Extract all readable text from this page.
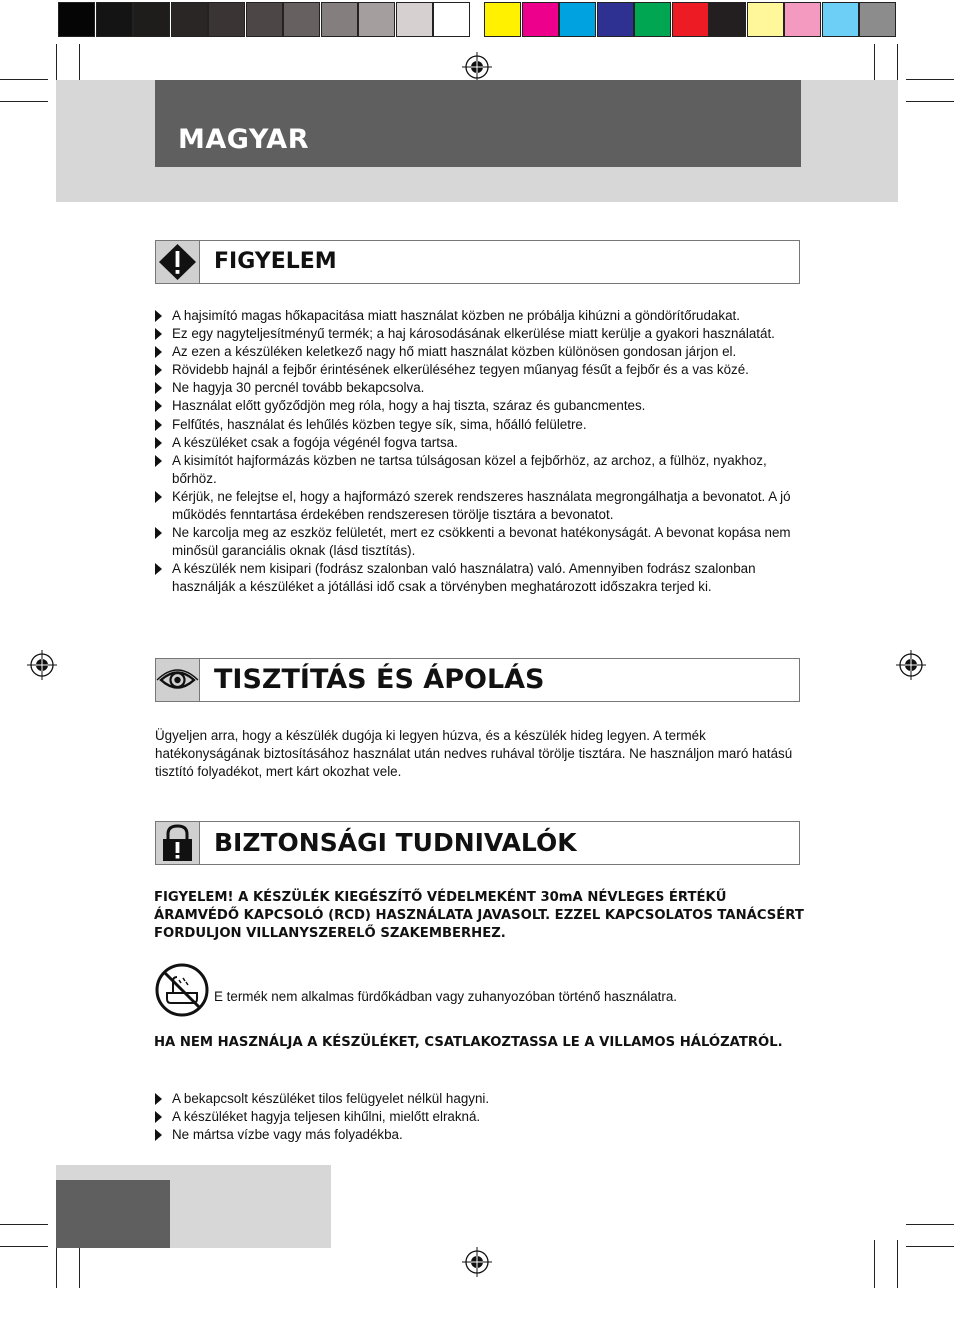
MAGYAR
FIGYELEM
A hajsimító magas hőkapacitása miatt használat közben ne próbálja kihúzni a göndörítőrudakat.
Ez egy nagyteljesítményű termék; a haj károsodásának elkerülése miatt kerülje a gyakori használatát.
Az ezen a készüléken keletkező nagy hő miatt használat közben különösen gondosan járjon el.
Rövidebb hajnál a fejbőr érintésének elkerüléséhez tegyen műanyag fésűt a fejbőr és a vas közé.
Ne hagyja 30 percnél tovább bekapcsolva.
Használat előtt győződjön meg róla, hogy a haj tiszta, száraz és gubancmentes.
Felfűtés, használat és lehűlés közben tegye sík, sima, hőálló felületre.
A készüléket csak a fogója végénél fogva tartsa.
A kisimítót hajformázás közben ne tartsa túlságosan közel a fejbőrhöz, az archoz, a fülhöz, nyakhoz, bőrhöz.
Kérjük, ne felejtse el, hogy a hajformázó szerek rendszeres használata megrongálhatja a bevonatot. A jó működés fenntartása érdekében rendszeresen törölje tisztára a bevonatot.
Ne karcolja meg az eszköz felületét, mert ez csökkenti a bevonat hatékonyságát. A bevonat kopása nem minősül garanciális oknak (lásd tisztítás).
A készülék nem kisipari (fodrász szalonban való használatra) való. Amennyiben fodrász szalonban használják a készüléket a jótállási idő csak a törvényben meghatározott időszakra terjed ki.
TISZTÍTÁS ÉS ÁPOLÁS
Ügyeljen arra, hogy a készülék dugója ki legyen húzva, és a készülék hideg legyen. A termék hatékonyságának biztosításához használat után nedves ruhával törölje tisztára. Ne használjon maró hatású tisztító folyadékot, mert kárt okozhat vele.
BIZTONSÁGI TUDNIVALÓK
FIGYELEM! A KÉSZÜLÉK KIEGÉSZÍTŐ VÉDELMEKÉNT 30mA NÉVLEGES ÉRTÉKŰ ÁRAMVÉDŐ KAPCSOLÓ (RCD) HASZNÁLATA JAVASOLT. EZZEL KAPCSOLATOS TANÁCSÉRT FORDULJON VILLANYSZERELŐ SZAKEMBERHEZ.
E termék nem alkalmas fürdőkádban vagy zuhanyozóban történő használatra.
HA NEM HASZNÁLJA A KÉSZÜLÉKET, CSATLAKOZTASSA LE A VILLAMOS HÁLÓZATRÓL.
A bekapcsolt készüléket tilos felügyelet nélkül hagyni.
A készüléket hagyja teljesen kihűlni, mielőtt elrakná.
Ne mártsa vízbe vagy más folyadékba.
